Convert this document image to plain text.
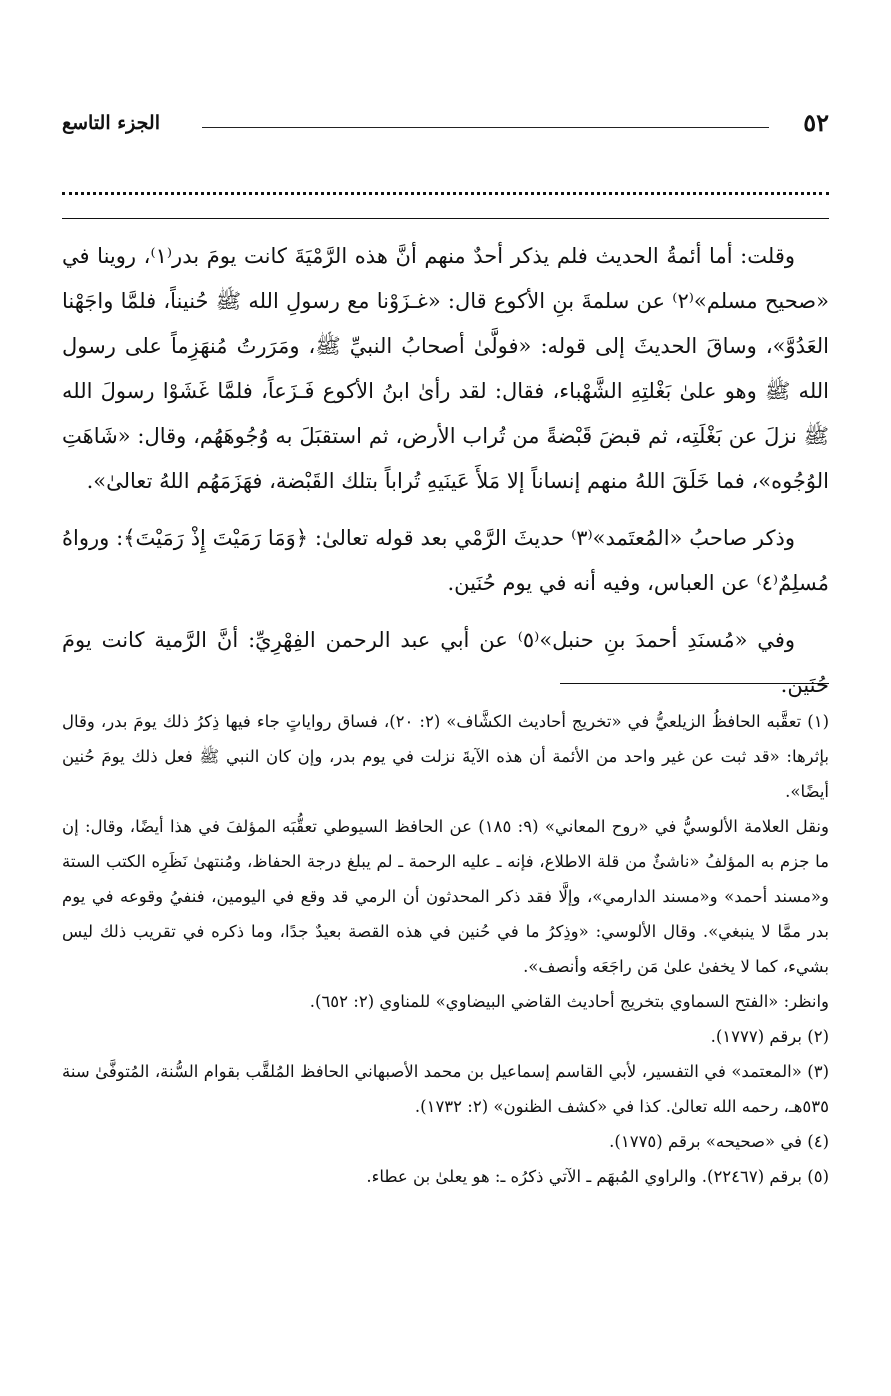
٥٢
الجزء التاسع

وقلت: أما أئمةُ الحديث فلم يذكر أحدٌ منهم أنَّ هذه الرَّمْيَةَ كانت يومَ بدر⁽١⁾، روينا في «صحيح مسلم»⁽٢⁾ عن سلمةَ بنِ الأكوع قال: «غـزَوْنا مع رسولِ الله ﷺ حُنيناً، فلمَّا واجَهْنا العَدُوَّ»، وساقَ الحديثَ إلى قوله: «فولَّىٰ أصحابُ النبيِّ ﷺ، ومَرَرتُ مُنهَزِماً على رسول الله ﷺ وهو علىٰ بَغْلتِهِ الشَّهْباء، فقال: لقد رأىٰ ابنُ الأكوع فَـزَعاً، فلمَّا غَشَوْا رسولَ الله ﷺ نزلَ عن بَغْلَتِه، ثم قبضَ قَبْضةً من تُراب الأرض، ثم استقبَلَ به وُجُوهَهُم، وقال: «شَاهَتِ الوُجُوه»، فما خَلَقَ اللهُ منهم إنساناً إلا مَلأَ عَينَيهِ تُراباً بتلك القَبْضة، فهَزَمَهُم اللهُ تعالىٰ».

وذكر صاحبُ «المُعتَمد»⁽٣⁾ حديثَ الرَّمْي بعد قوله تعالىٰ: ﴿وَمَا رَمَيْتَ إِذْ رَمَيْتَ﴾: ورواهُ مُسلِمٌ⁽٤⁾ عن العباس، وفيه أنه في يوم حُنَين.

وفي «مُسنَدِ أحمدَ بنِ حنبل»⁽٥⁾ عن أبي عبد الرحمن الفِهْرِيِّ: أنَّ الرَّمية كانت يومَ حُنَين.

(١) تعقَّبه الحافظُ الزيلعيُّ في «تخريج أحاديث الكشَّاف» (٢: ٢٠)، فساق رواياتٍ جاء فيها ذِكرُ ذلك يومَ بدر، وقال بإثرها: «قد ثبت عن غير واحد من الأئمة أن هذه الآيةَ نزلت في يوم بدر، وإن كان النبي ﷺ فعل ذلك يومَ حُنين أيضًا».

ونقل العلامة الألوسيُّ في «روح المعاني» (٩: ١٨٥) عن الحافظ السيوطي تعقُّبَه المؤلفَ في هذا أيضًا، وقال: إن ما جزم به المؤلفُ «ناشئٌ من قلة الاطلاع، فإنه ـ عليه الرحمة ـ لم يبلغ درجة الحفاظ، ومُنتهىٰ نَظَرِه الكتب الستة و«مسند أحمد» و«مسند الدارمي»، وإلَّا فقد ذكر المحدثون أن الرمي قد وقع في اليومين، فنفيُ وقوعه في يوم بدر ممَّا لا ينبغي». وقال الألوسي: «وذِكرُ ما في حُنين في هذه القصة بعيدٌ جدًا، وما ذكره في تقريب ذلك ليس بشيء، كما لا يخفىٰ علىٰ مَن راجَعَه وأنصف».

وانظر: «الفتح السماوي بتخريج أحاديث القاضي البيضاوي» للمناوي (٢: ٦٥٢).

(٢) برقم (١٧٧٧).

(٣) «المعتمد» في التفسير، لأبي القاسم إسماعيل بن محمد الأصبهاني الحافظ المُلقَّب بقوام السُّنة، المُتوفَّىٰ سنة ٥٣٥هـ، رحمه الله تعالىٰ. كذا في «كشف الظنون» (٢: ١٧٣٢).

(٤) في «صحيحه» برقم (١٧٧٥).

(٥) برقم (٢٢٤٦٧). والراوي المُبهَم ـ الآتي ذكرُه ـ: هو يعلىٰ بن عطاء.
